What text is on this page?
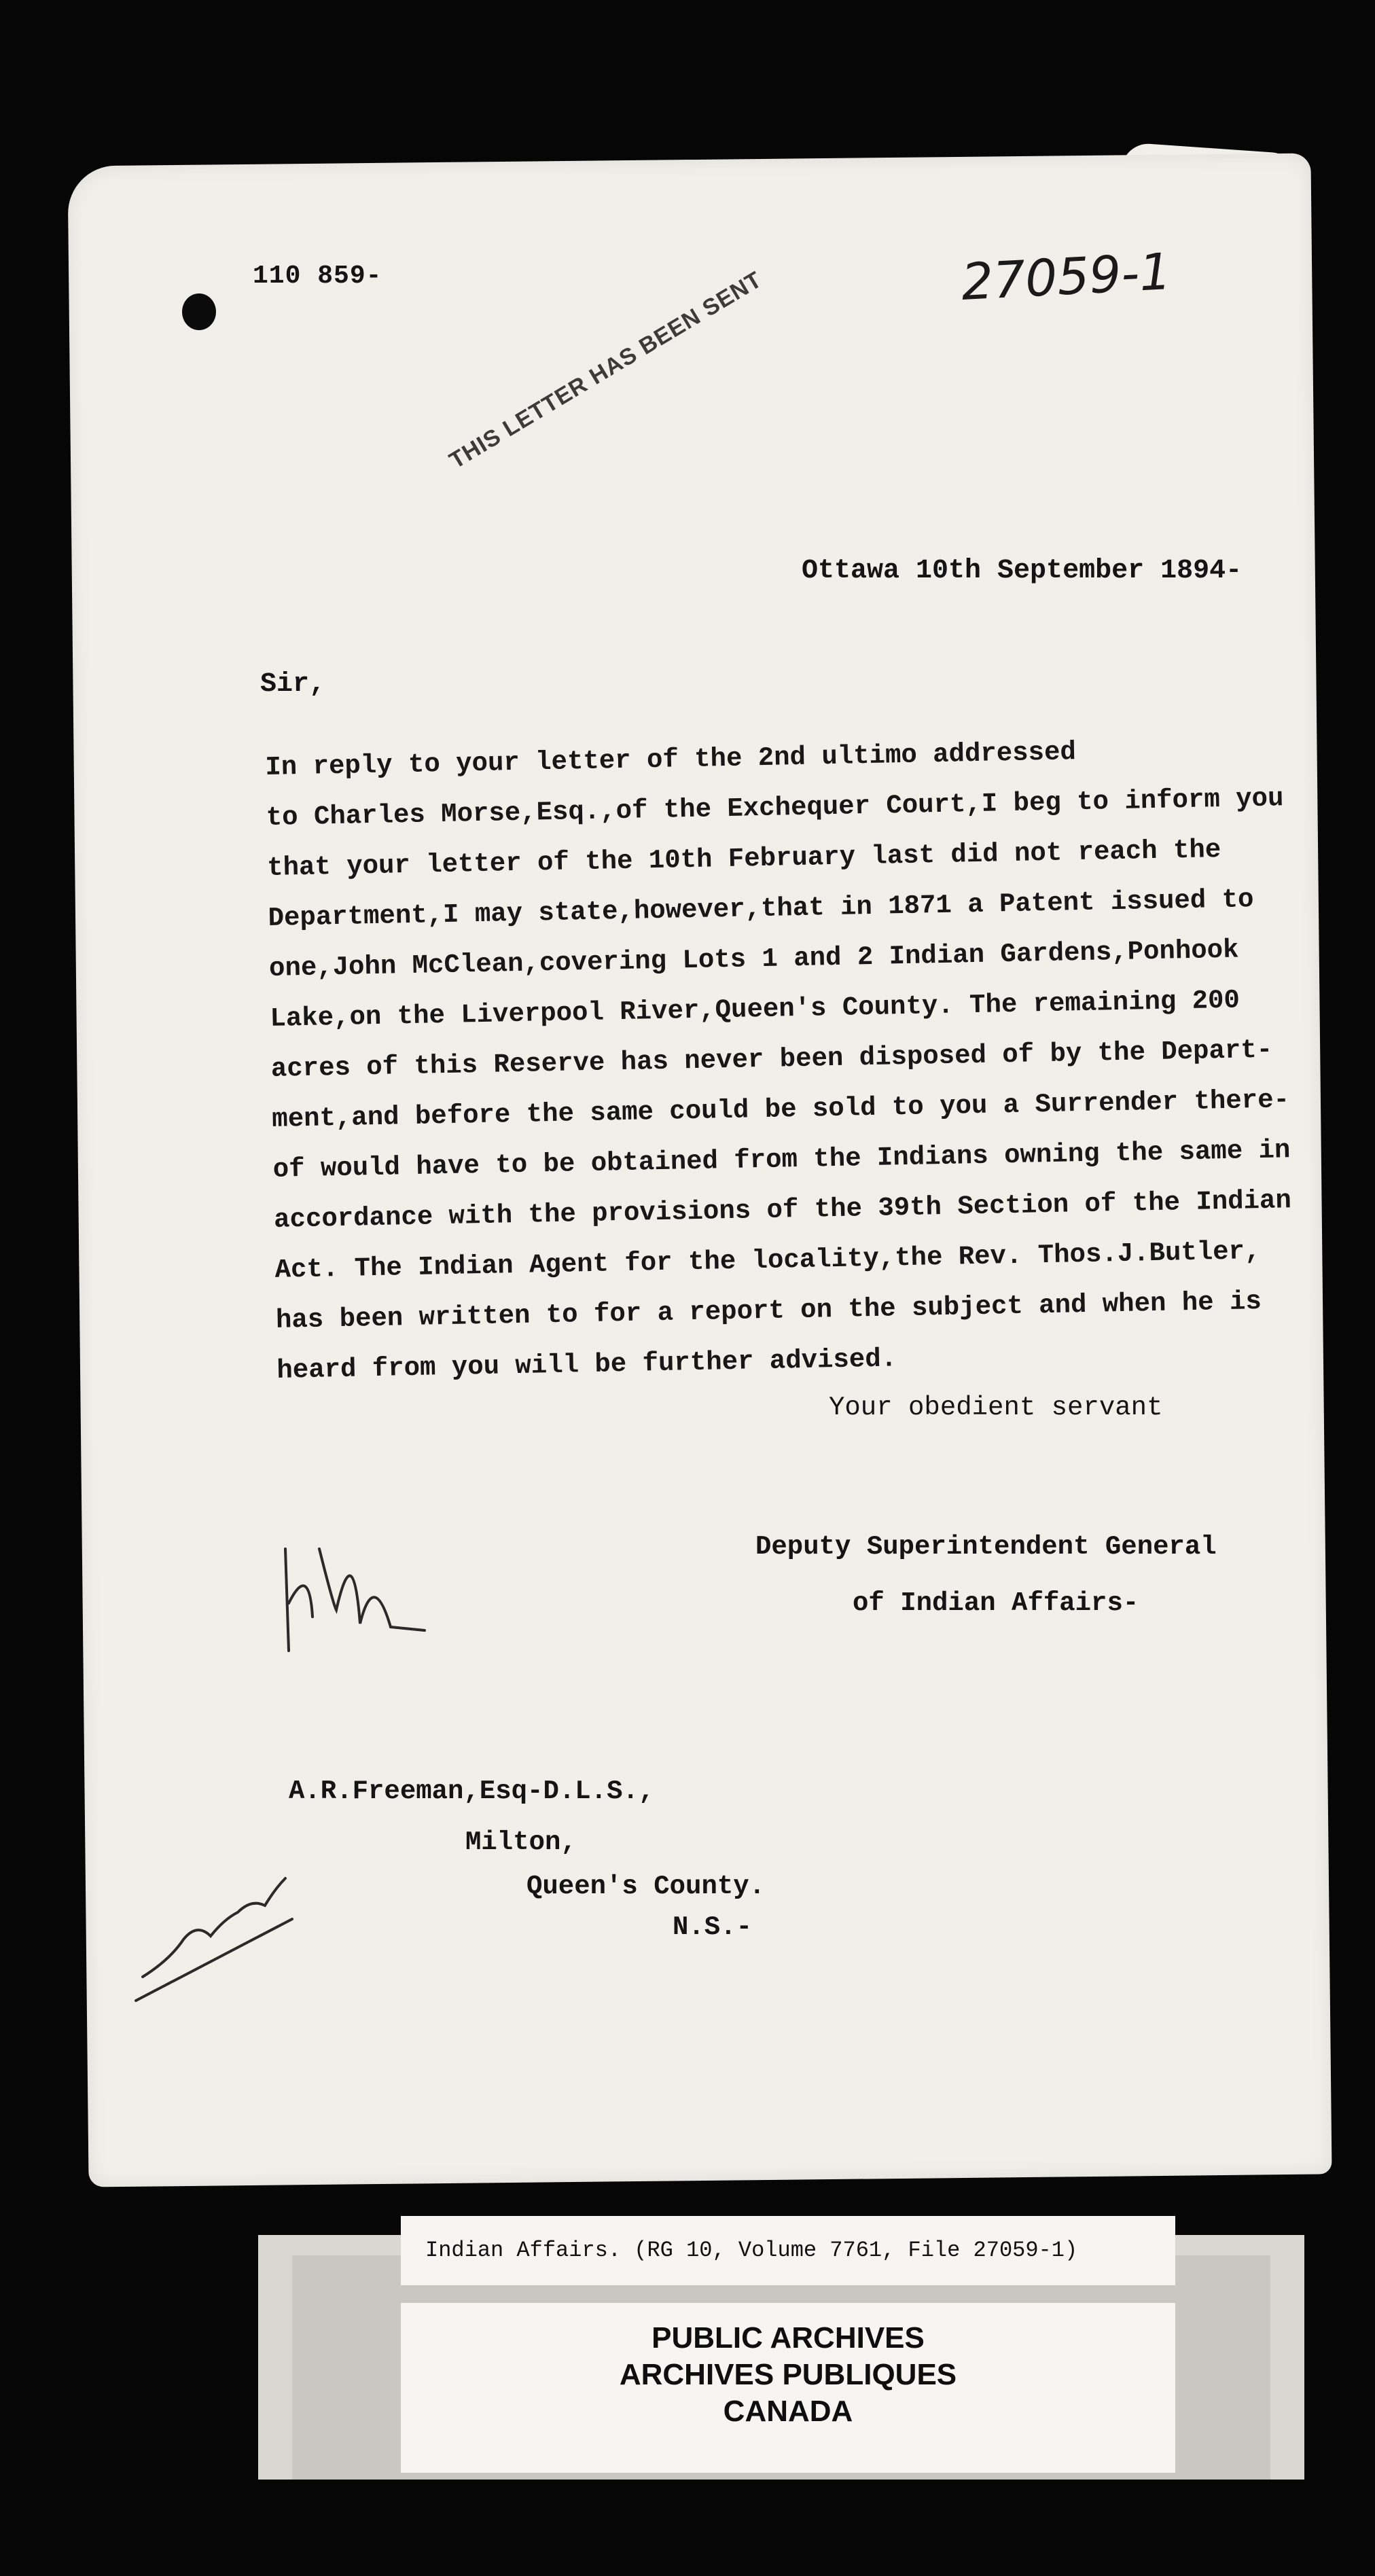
110 859-	27059-1
THIS LETTER HAS BEEN SENT
Ottawa 10th September 1894-
Sir,
In reply to your letter of the 2nd ultimo addressed
to Charles Morse,Esq.,of the Exchequer Court,I beg to inform you
that your letter of the 10th February last did not reach the
Department,I may state,however,that in 1871 a Patent issued to
one,John McClean,covering Lots 1 and 2 Indian Gardens,Ponhook
Lake,on the Liverpool River,Queen's County. The remaining 200
acres of this Reserve has never been disposed of by the Depart-
ment,and before the same could be sold to you a Surrender there-
of would have to be obtained from the Indians owning the same in
accordance with the provisions of the 39th Section of the Indian
Act. The Indian Agent for the locality,the Rev. Thos.J.Butler,
has been written to for a report on the subject and when he is
heard from you will be further advised.
Your obedient servant
Deputy Superintendent General
of Indian Affairs-
A.R.Freeman,Esq-D.L.S.,
Milton,
Queen's County.
N.S.-
Indian Affairs. (RG 10, Volume 7761, File 27059-1)
PUBLIC ARCHIVES
ARCHIVES PUBLIQUES
CANADA
